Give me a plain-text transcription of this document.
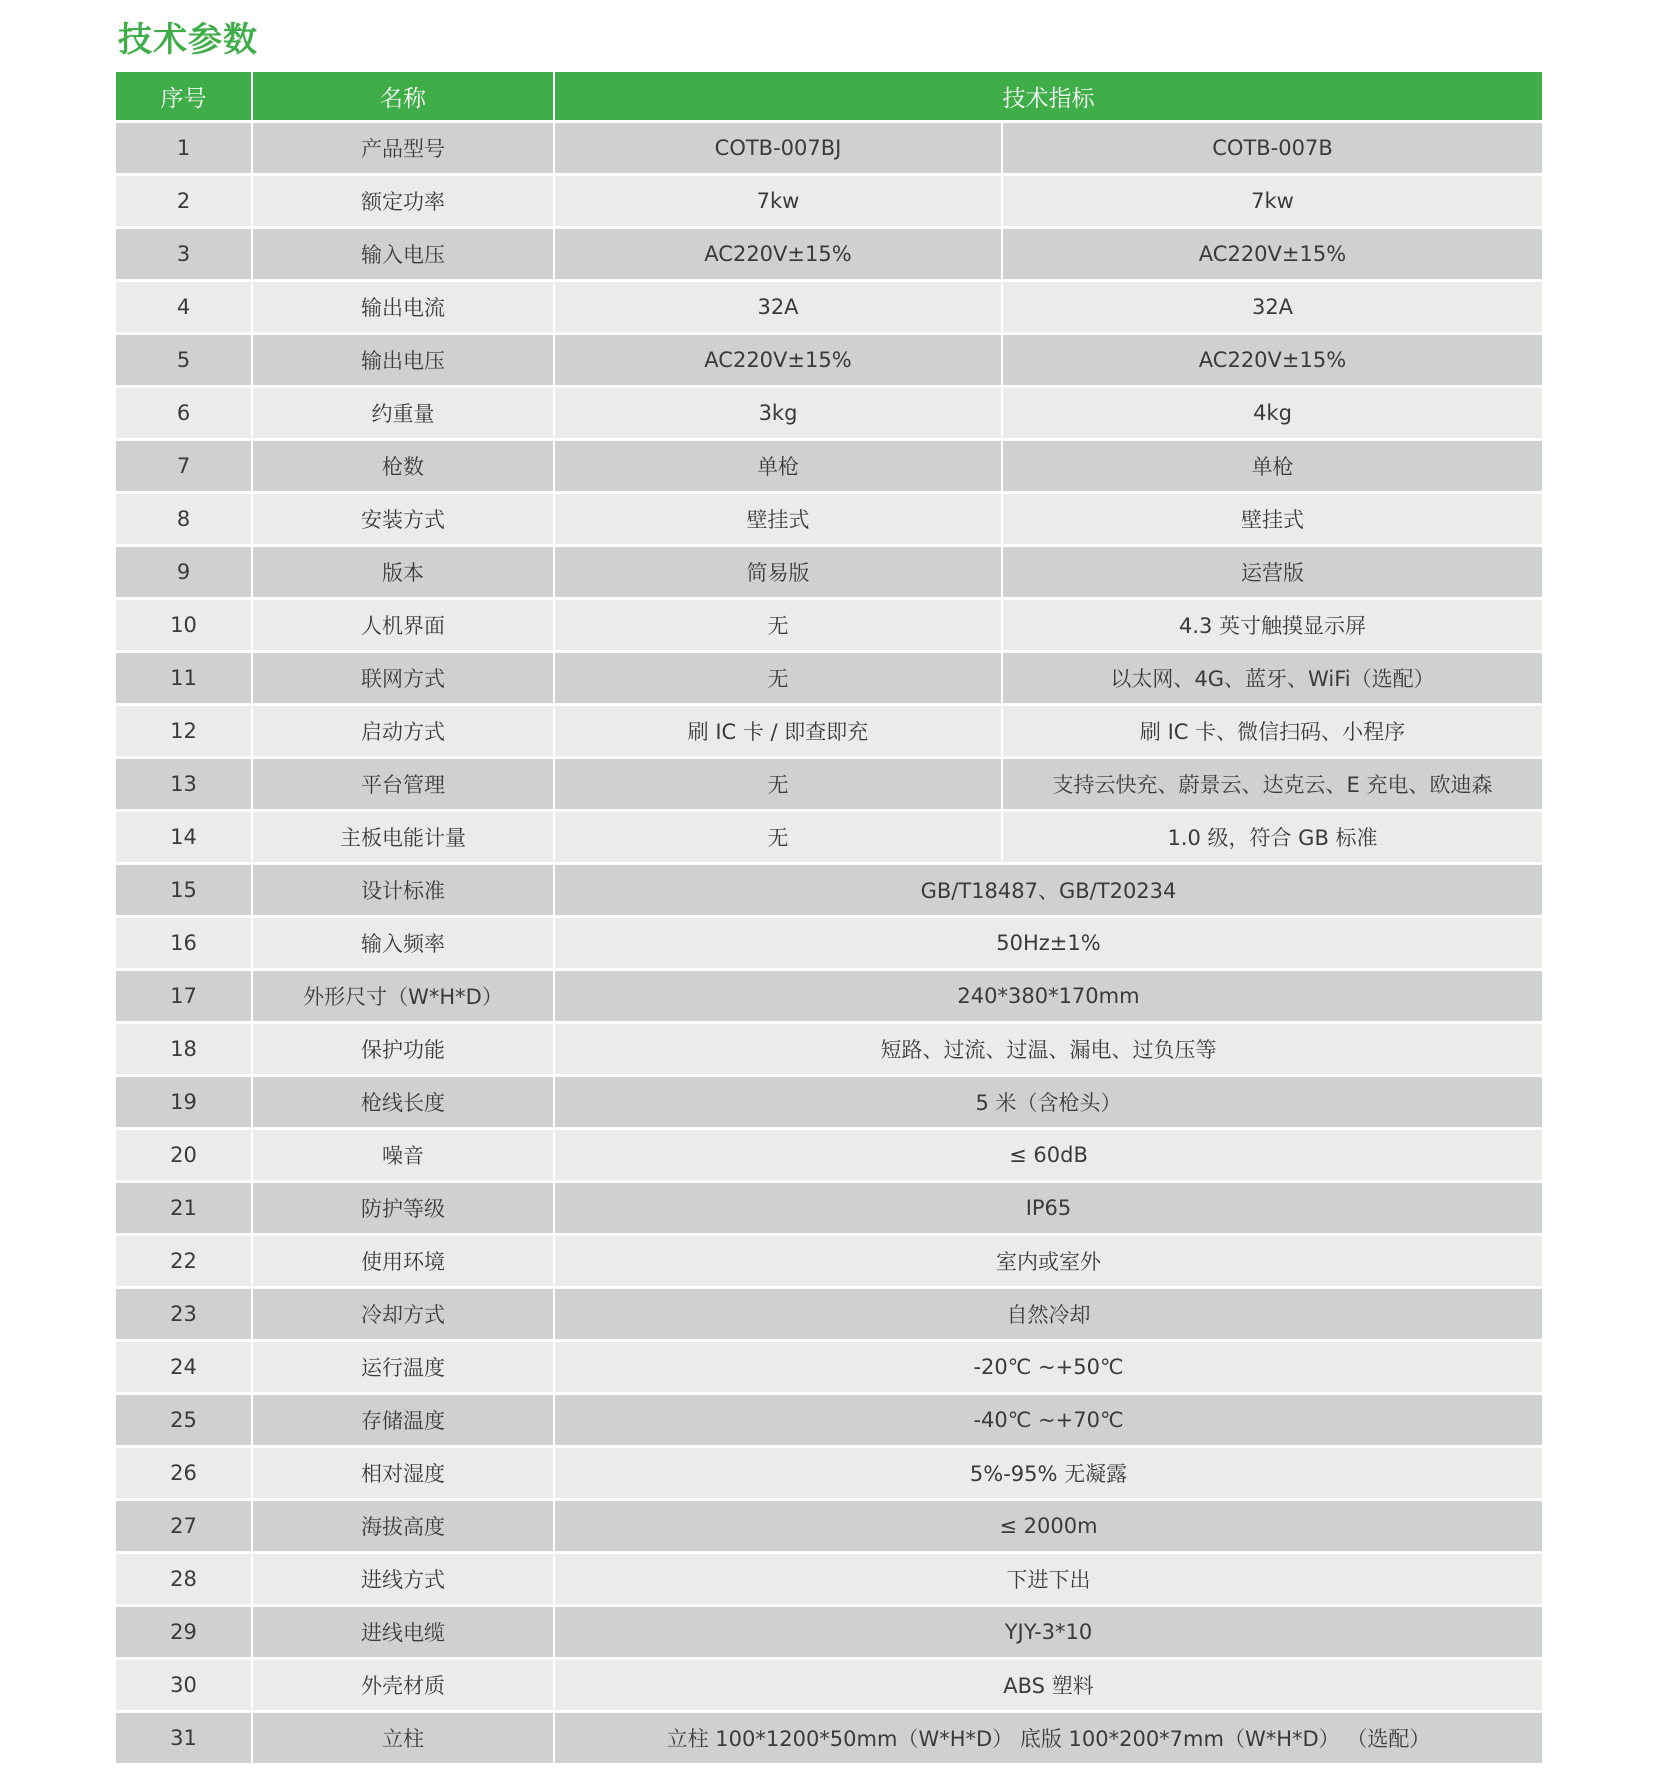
技术参数
序号	名称	技术指标	
1	产品型号	COTB-007BJ	COTB-007B
2	额定功率	7kw	7kw
3	输入电压	AC220V±15%	AC220V±15%
4	输出电流	32A	32A
5	输出电压	AC220V±15%	AC220V±15%
6	约重量	3kg	4kg
7	枪数	单枪	单枪
8	安装方式	壁挂式	壁挂式
9	版本	简易版	运营版
10	人机界面	无	4.3 英寸触摸显示屏
11	联网方式	无	以太网、4G、蓝牙、WiFi（选配）
12	启动方式	刷 IC 卡 / 即查即充	刷 IC 卡、微信扫码、小程序
13	平台管理	无	支持云快充、蔚景云、达克云、E 充电、欧迪森
14	主板电能计量	无	1.0 级，符合 GB 标准
15	设计标准	GB/T18487、GB/T20234	
16	输入频率	50Hz±1%	
17	外形尺寸（W*H*D）	240*380*170mm	
18	保护功能	短路、过流、过温、漏电、过负压等	
19	枪线长度	5 米（含枪头）	
20	噪音	≤ 60dB	
21	防护等级	IP65	
22	使用环境	室内或室外	
23	冷却方式	自然冷却	
24	运行温度	-20℃ ~+50℃	
25	存储温度	-40℃ ~+70℃	
26	相对湿度	5%-95% 无凝露	
27	海拔高度	≤ 2000m	
28	进线方式	下进下出	
29	进线电缆	YJY-3*10	
30	外壳材质	ABS 塑料	
31	立柱	立柱 100*1200*50mm（W*H*D） 底版 100*200*7mm（W*H*D） （选配）	
